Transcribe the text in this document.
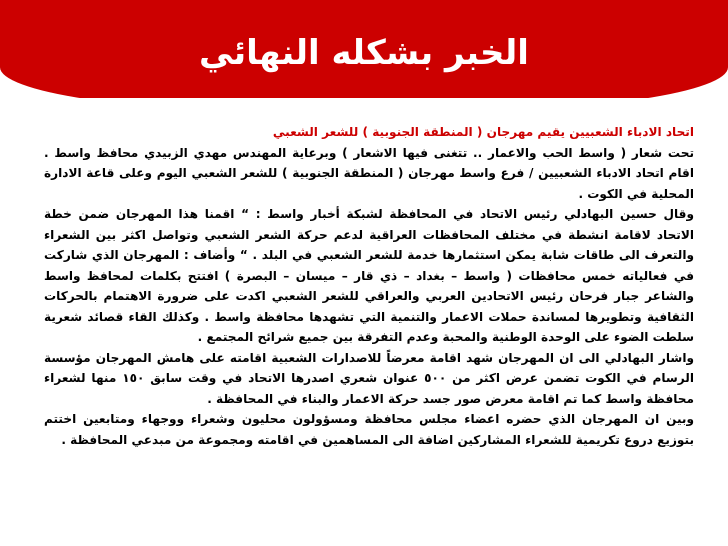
الخبر بشكله النهائي

اتحاد الادباء الشعبيين يقيم مهرجان ( المنطقة الجنوبية ) للشعر الشعبي

تحت شعار ( واسط الحب والاعمار .. تتغنى فيها الاشعار ) وبرعاية المهندس مهدي الزبيدي محافظ واسط . اقام اتحاد الادباء الشعبيين / فرع واسط مهرجان ( المنطقة الجنوبية ) للشعر الشعبي اليوم وعلى قاعة الادارة المحلية في الكوت .

وقال حسين البهادلي رئيس الاتحاد في المحافظة لشبكة أخبار واسط : “ اقمنا هذا المهرجان ضمن خطة الاتحاد لاقامة انشطة في مختلف المحافظات العراقية لدعم حركة الشعر الشعبي وتواصل اكثر بين الشعراء والتعرف الى طاقات شابة يمكن استثمارها خدمة للشعر الشعبي في البلد . “ وأضاف : المهرجان الذي شاركت في فعالياته خمس محافظات ( واسط – بغداد – ذي قار – ميسان – البصرة ) افتتح بكلمات لمحافظ واسط والشاعر جبار فرحان رئيس الاتحادين العربي والعراقي للشعر الشعبي اكدت على ضرورة الاهتمام بالحركات الثقافية وتطويرها لمساندة حملات الاعمار والتنمية التي تشهدها محافظة واسط . وكذلك القاء قصائد شعرية سلطت الضوء على الوحدة الوطنية والمحبة وعدم التفرقة بين جميع شرائح المجتمع .

واشار البهادلي الى ان المهرجان شهد اقامة معرضاً للاصدارات الشعبية اقامته على هامش المهرجان مؤسسة الرسام في الكوت تضمن عرض اكثر من ٥٠٠ عنوان شعري اصدرها الاتحاد في وقت سابق ١٥٠ منها لشعراء محافظة واسط كما تم اقامة معرض صور جسد حركة الاعمار والبناء في المحافظة .

وبين ان المهرجان الذي حضره اعضاء مجلس محافظة ومسؤولون محليون وشعراء ووجهاء ومتابعين اختتم بتوزيع دروع تكريمية للشعراء المشاركين اضافة الى المساهمين في اقامته ومجموعة من مبدعي المحافظة .
